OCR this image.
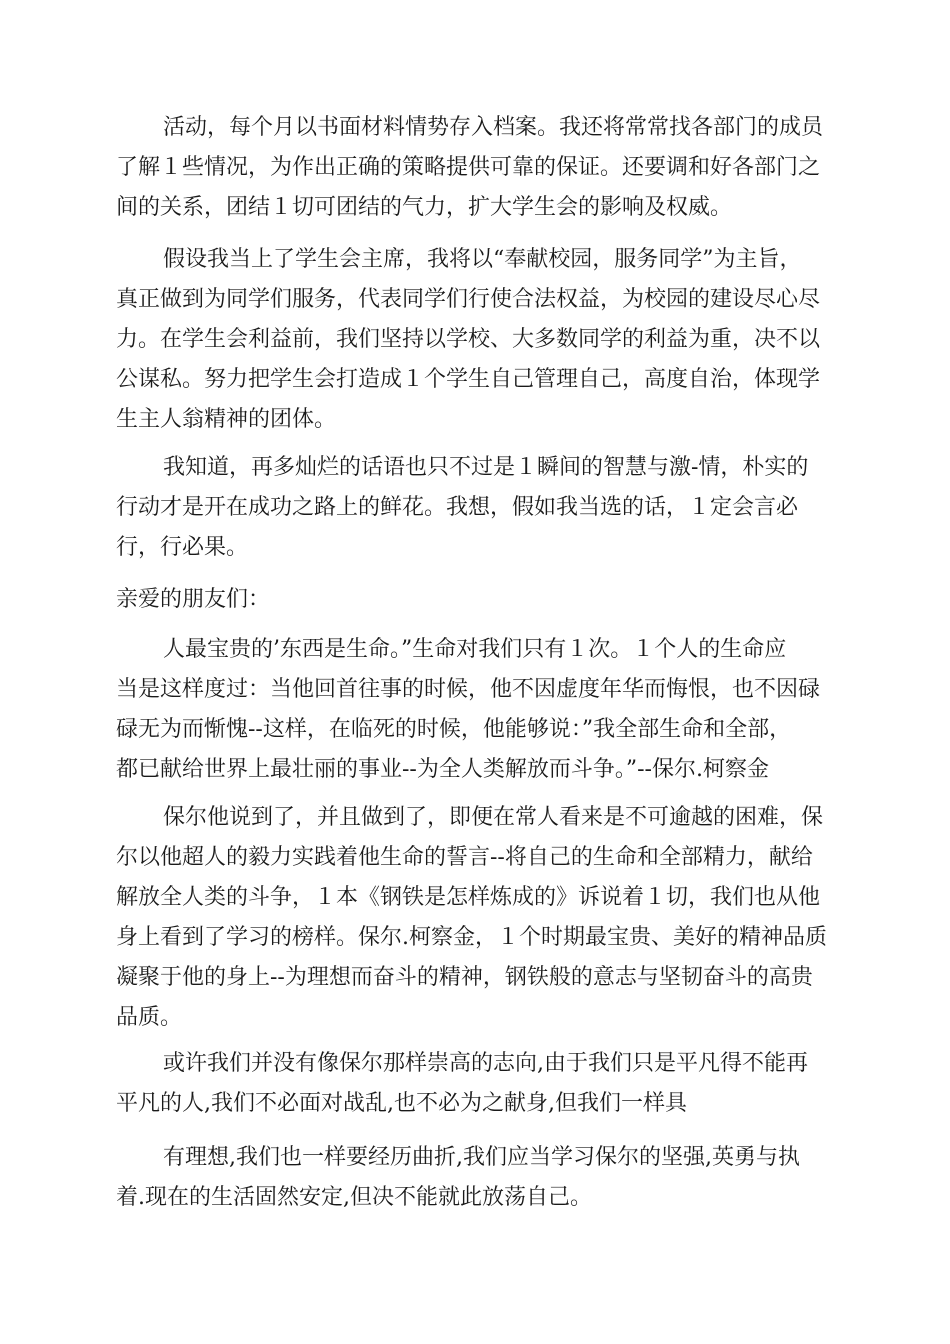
活动，每个月以书面材料情势存入档案。我还将常常找各部门的成员
了解１些情况，为作出正确的策略提供可靠的保证。还要调和好各部门之
间的关系，团结１切可团结的气力，扩大学生会的影响及权威。

假设我当上了学生会主席，我将以“奉献校园，服务同学”为主旨，
真正做到为同学们服务，代表同学们行使合法权益，为校园的建设尽心尽
力。在学生会利益前，我们坚持以学校、大多数同学的利益为重，决不以
公谋私。努力把学生会打造成１个学生自己管理自己，高度自治，体现学
生主人翁精神的团体。

我知道，再多灿烂的话语也只不过是１瞬间的智慧与激-情，朴实的
行动才是开在成功之路上的鲜花。我想，假如我当选的话，１定会言必
行，行必果。

亲爱的朋友们：

人最宝贵的’东西是生命。”生命对我们只有１次。１个人的生命应
当是这样度过：当他回首往事的时候，他不因虚度年华而悔恨，也不因碌
碌无为而惭愧--这样，在临死的时候，他能够说：”我全部生命和全部，
都已献给世界上最壮丽的事业--为全人类解放而斗争。”--保尔.柯察金

保尔他说到了，并且做到了，即便在常人看来是不可逾越的困难，保
尔以他超人的毅力实践着他生命的誓言--将自己的生命和全部精力，献给
解放全人类的斗争，１本《钢铁是怎样炼成的》诉说着１切，我们也从他
身上看到了学习的榜样。保尔.柯察金，１个时期最宝贵、美好的精神品质
凝聚于他的身上--为理想而奋斗的精神，钢铁般的意志与坚韧奋斗的高贵
品质。

或许我们并没有像保尔那样崇高的志向,由于我们只是平凡得不能再
平凡的人,我们不必面对战乱,也不必为之献身,但我们一样具

有理想,我们也一样要经历曲折,我们应当学习保尔的坚强,英勇与执
着.现在的生活固然安定,但决不能就此放荡自己。
